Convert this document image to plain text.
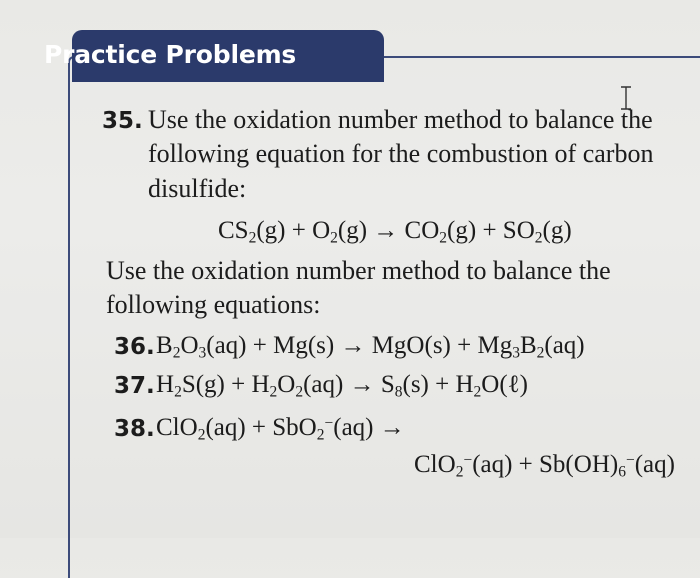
Practice Problems
35. Use the oxidation number method to balance the
following equation for the combustion of carbon
disulfide:
$CS_2(g) + O_2(g) \to CO_2(g) + SO_2(g)$
Use the oxidation number method to balance the
following equations:
36. $B_2O_3(aq) + Mg(s) \to MgO(s) + Mg_3B_2(aq)$
37. $H_2S(g) + H_2O_2(aq) \to S_8(s)$ + $H_2O(\ell)$
38. ClO$_2$(aq) + SbO$_2$−(aq) →
$ClO_2^-(aq) + Sb(OH)_6^-(aq)$
